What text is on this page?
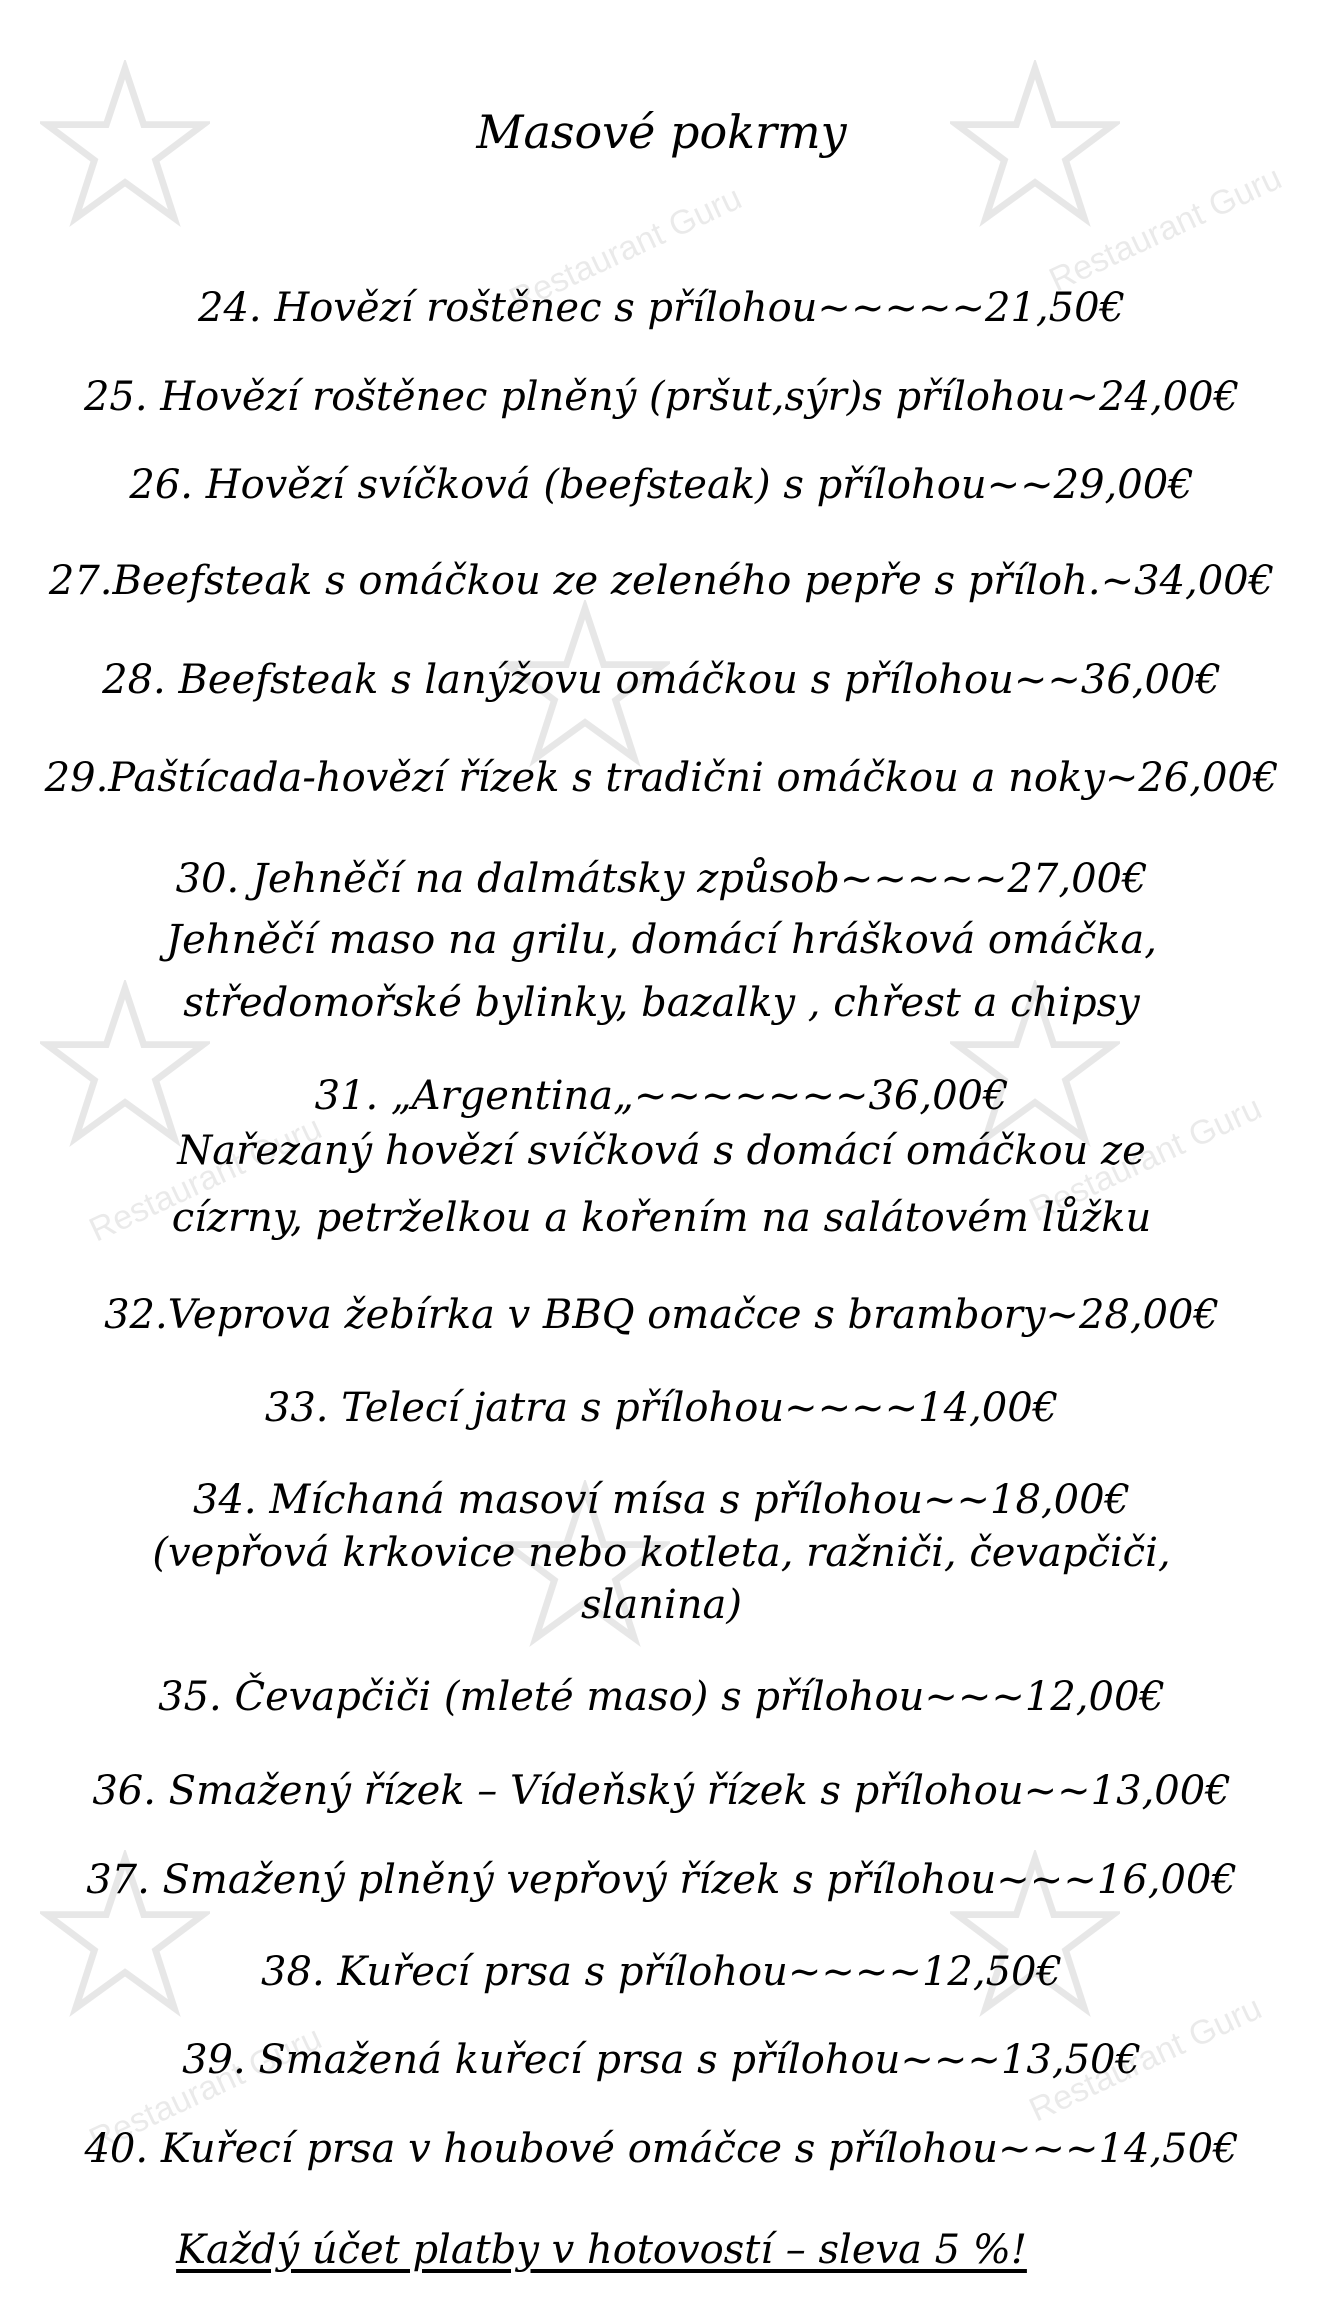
Restaurant Guru	Restaurant Guru
Restaurant Guru	Restaurant Guru
Restaurant Guru	Restaurant Guru
Masové pokrmy
24. Hovězí roštěnec s přílohou~~~~~21,50€
25. Hovězí roštěnec plněný (pršut,sýr)s přílohou~24,00€
26. Hovězí svíčková (beefsteak) s přílohou~~29,00€
27.Beefsteak s omáčkou ze zeleného pepře s příloh.~34,00€
28. Beefsteak s lanýžovu omáčkou s přílohou~~36,00€
29.Paštícada-hovězí řízek s tradični omáčkou a noky~26,00€
30. Jehněčí na dalmátsky způsob~~~~~27,00€
Jehněčí maso na grilu, domácí hrášková omáčka,
středomořské bylinky, bazalky , chřest a chipsy
31. „Argentina„~~~~~~~36,00€
Nařezaný hovězí svíčková s domácí omáčkou ze
cízrny, petrželkou a kořením na salátovém lůžku
32.Veprova žebírka v BBQ omačce s brambory~28,00€
33. Telecí jatra s přílohou~~~~14,00€
34. Míchaná masoví mísa s přílohou~~18,00€
(vepřová krkovice nebo kotleta, ražniči, čevapčiči,
slanina)
35. Čevapčiči (mleté maso) s přílohou~~~12,00€
36. Smažený řízek – Vídeňský řízek s přílohou~~13,00€
37. Smažený plněný vepřový řízek s přílohou~~~16,00€
38. Kuřecí prsa s přílohou~~~~12,50€
39. Smažená kuřecí prsa s přílohou~~~13,50€
40. Kuřecí prsa v houbové omáčce s přílohou~~~14,50€
Každý účet platby v hotovostí – sleva 5 %!
